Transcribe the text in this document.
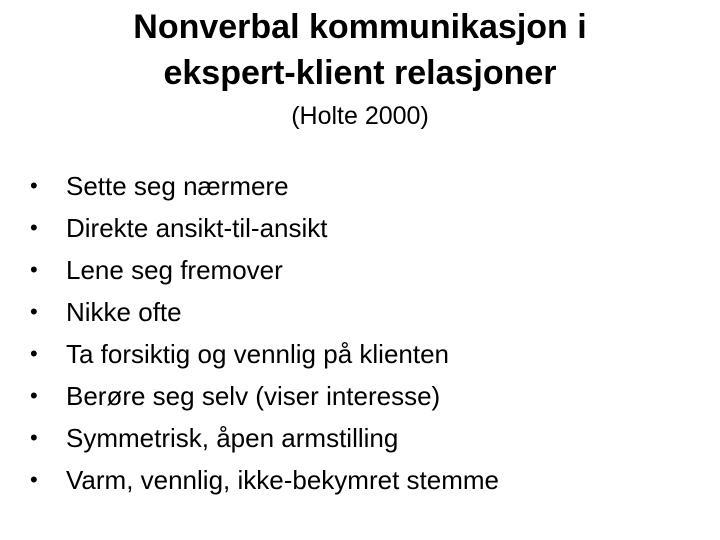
Nonverbal kommunikasjon i
ekspert-klient relasjoner
(Holte 2000)
•	Sette seg nærmere
•	Direkte ansikt-til-ansikt
•	Lene seg fremover
•	Nikke ofte
•	Ta forsiktig og vennlig på klienten
•	Berøre seg selv (viser interesse)
•	Symmetrisk, åpen armstilling
•	Varm, vennlig, ikke-bekymret stemme
